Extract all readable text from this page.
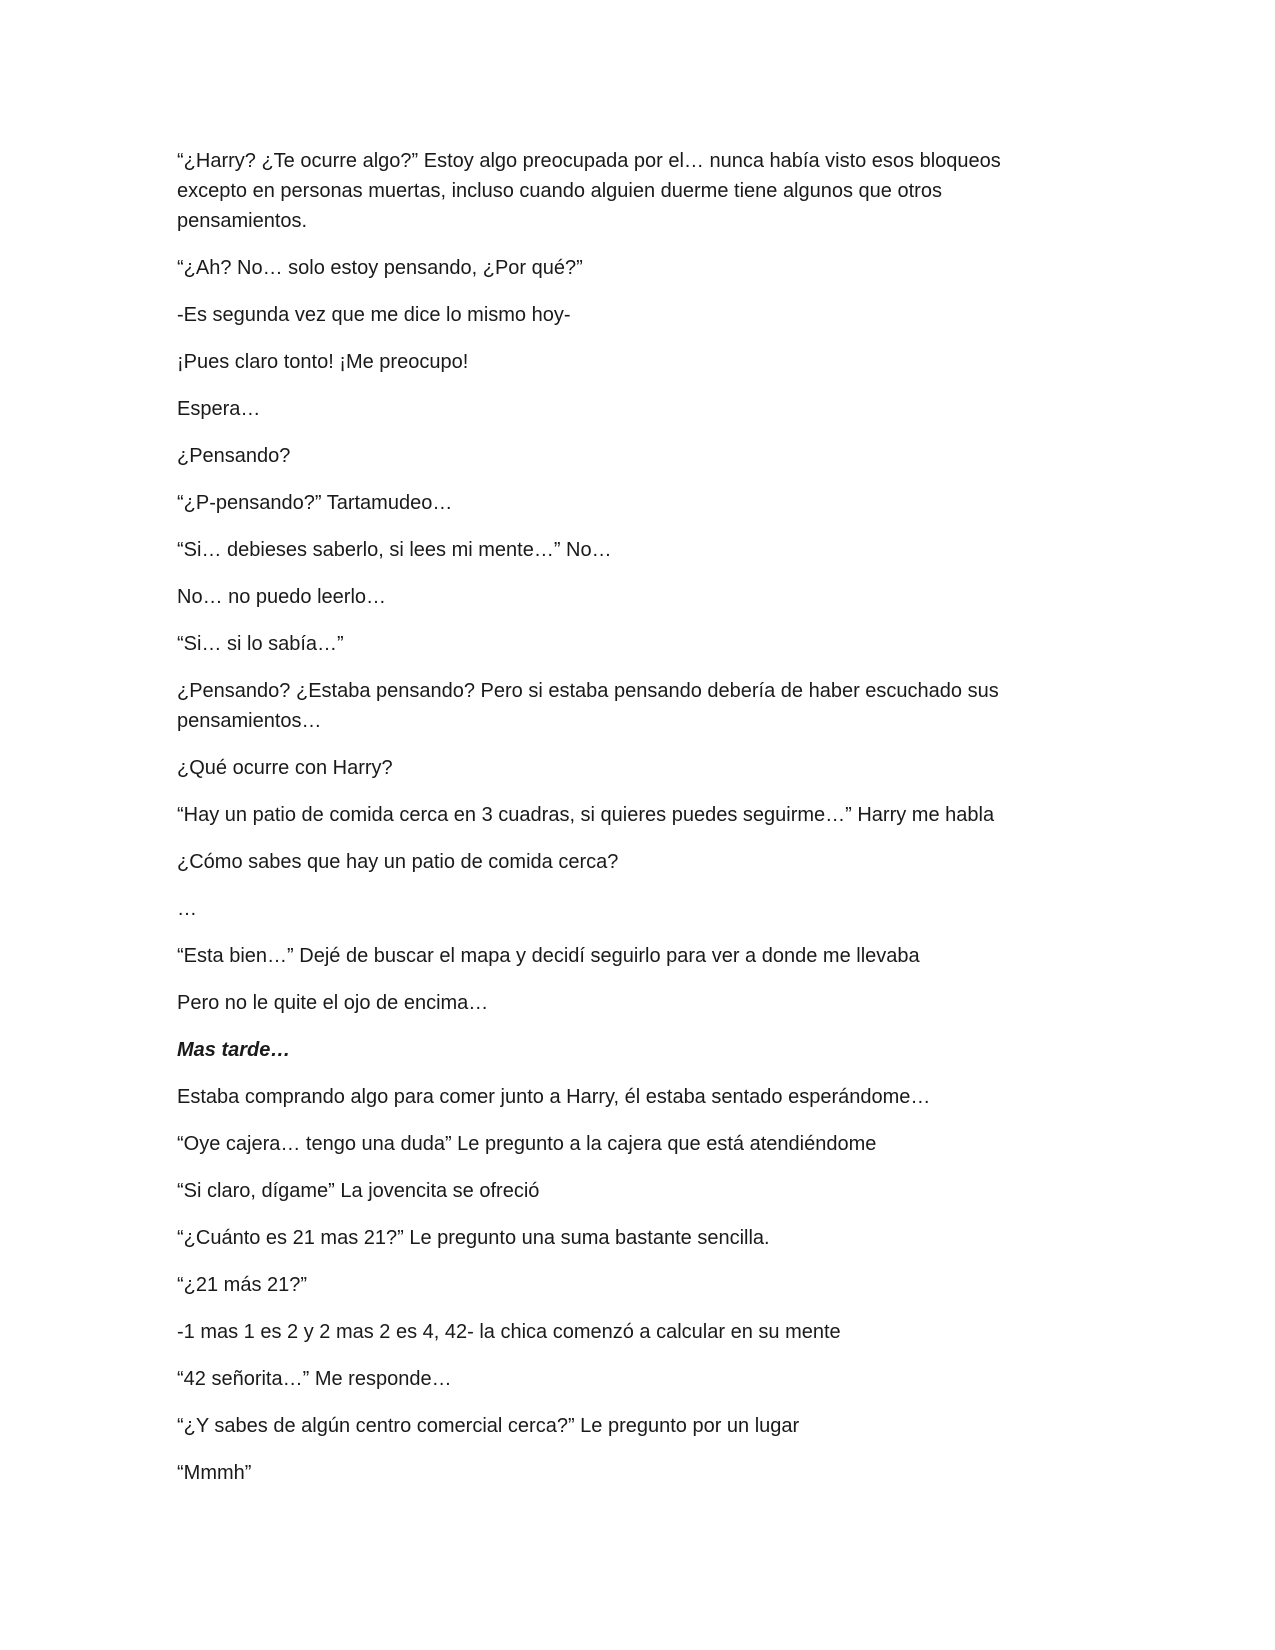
“¿Harry? ¿Te ocurre algo?” Estoy algo preocupada por el… nunca había visto esos bloqueos excepto en personas muertas, incluso cuando alguien duerme tiene algunos que otros pensamientos.

“¿Ah? No… solo estoy pensando, ¿Por qué?”

-Es segunda vez que me dice lo mismo hoy-

¡Pues claro tonto! ¡Me preocupo!

Espera…

¿Pensando?

“¿P-pensando?” Tartamudeo…

“Si… debieses saberlo, si lees mi mente…” No…

No… no puedo leerlo…

“Si… si lo sabía…”

¿Pensando? ¿Estaba pensando? Pero si estaba pensando debería de haber escuchado sus pensamientos…

¿Qué ocurre con Harry?

“Hay un patio de comida cerca en 3 cuadras, si quieres puedes seguirme…” Harry me habla

¿Cómo sabes que hay un patio de comida cerca?

…

“Esta bien…” Dejé de buscar el mapa y decidí seguirlo para ver a donde me llevaba

Pero no le quite el ojo de encima…

Mas tarde…

Estaba comprando algo para comer junto a Harry, él estaba sentado esperándome…

“Oye cajera… tengo una duda” Le pregunto a la cajera que está atendiéndome

“Si claro, dígame” La jovencita se ofreció

“¿Cuánto es 21 mas 21?” Le pregunto una suma bastante sencilla.

“¿21 más 21?”

-1 mas 1 es 2 y 2 mas 2 es 4, 42- la chica comenzó a calcular en su mente

“42 señorita…” Me responde…

“¿Y sabes de algún centro comercial cerca?” Le pregunto por un lugar

“Mmmh”
